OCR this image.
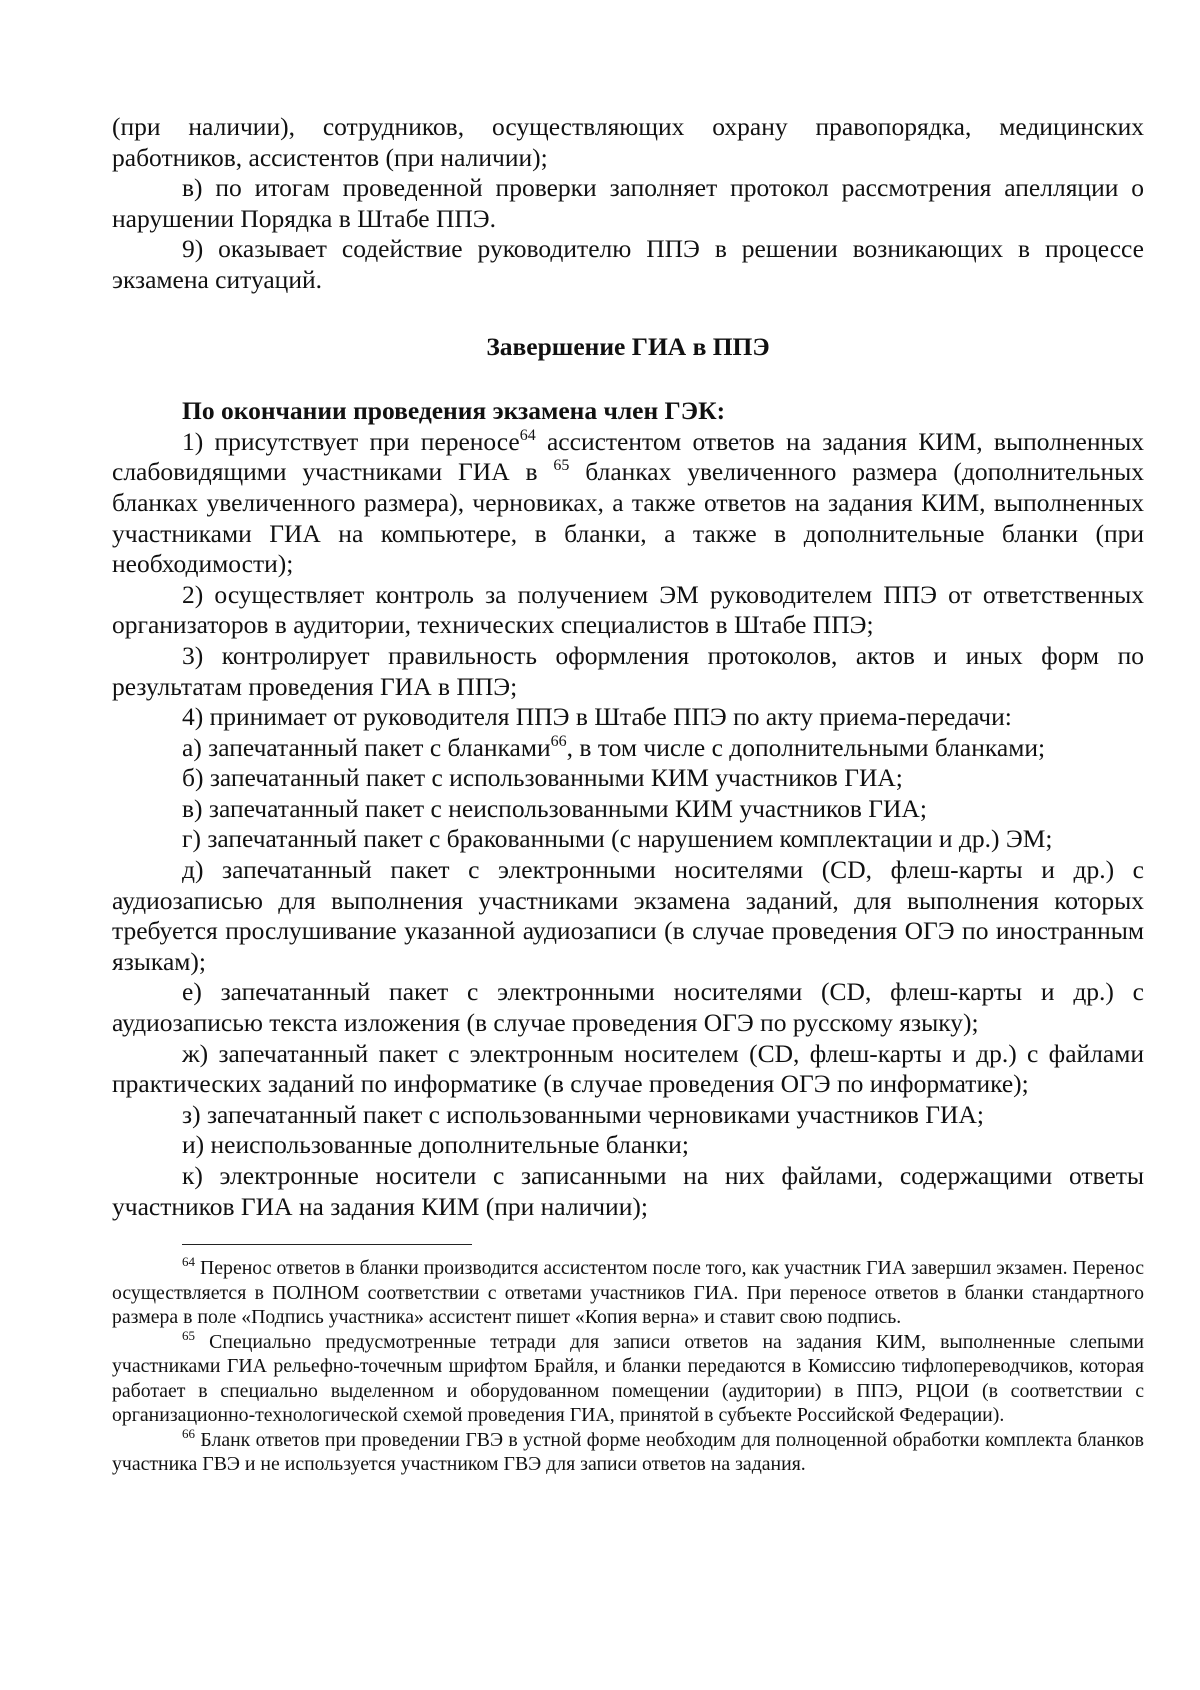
(при наличии), сотрудников, осуществляющих охрану правопорядка, медицинских работников, ассистентов (при наличии);

в) по итогам проведенной проверки заполняет протокол рассмотрения апелляции о нарушении Порядка в Штабе ППЭ.

9) оказывает содействие руководителю ППЭ в решении возникающих в процессе экзамена ситуаций.

Завершение ГИА в ППЭ

По окончании проведения экзамена член ГЭК:

1) присутствует при переносе$^{64}$ ассистентом ответов на задания КИМ, выполненных слабовидящими участниками ГИА в $^{65}$ бланках увеличенного размера (дополнительных бланках увеличенного размера), черновиках, а также ответов на задания КИМ, выполненных участниками ГИА на компьютере, в бланки, а также в дополнительные бланки (при необходимости);

2) осуществляет контроль за получением ЭМ руководителем ППЭ от ответственных организаторов в аудитории, технических специалистов в Штабе ППЭ;

3) контролирует правильность оформления протоколов, актов и иных форм по результатам проведения ГИА в ППЭ;

4) принимает от руководителя ППЭ в Штабе ППЭ по акту приема-передачи:

а) запечатанный пакет с бланками$^{66}$, в том числе с дополнительными бланками;

б) запечатанный пакет с использованными КИМ участников ГИА;

в) запечатанный пакет с неиспользованными КИМ участников ГИА;

г) запечатанный пакет с бракованными (с нарушением комплектации и др.) ЭМ;

д) запечатанный пакет с электронными носителями (CD, флеш-карты и др.) с аудиозаписью для выполнения участниками экзамена заданий, для выполнения которых требуется прослушивание указанной аудиозаписи (в случае проведения ОГЭ по иностранным языкам);

е) запечатанный пакет с электронными носителями (CD, флеш-карты и др.) с аудиозаписью текста изложения (в случае проведения ОГЭ по русскому языку);

ж) запечатанный пакет с электронным носителем (CD, флеш-карты и др.) с файлами практических заданий по информатике (в случае проведения ОГЭ по информатике);

з) запечатанный пакет с использованными черновиками участников ГИА;

и) неиспользованные дополнительные бланки;

к) электронные носители с записанными на них файлами, содержащими ответы участников ГИА на задания КИМ (при наличии);

$^{64}$ Перенос ответов в бланки производится ассистентом после того, как участник ГИА завершил экзамен. Перенос осуществляется в ПОЛНОМ соответствии с ответами участников ГИА. При переносе ответов в бланки стандартного размера в поле «Подпись участника» ассистент пишет «Копия верна» и ставит свою подпись.

$^{65}$ Специально предусмотренные тетради для записи ответов на задания КИМ, выполненные слепыми участниками ГИА рельефно-точечным шрифтом Брайля, и бланки передаются в Комиссию тифлопереводчиков, которая работает в специально выделенном и оборудованном помещении (аудитории) в ППЭ, РЦОИ (в соответствии с организационно-технологической схемой проведения ГИА, принятой в субъекте Российской Федерации).

$^{66}$ Бланк ответов при проведении ГВЭ в устной форме необходим для полноценной обработки комплекта бланков участника ГВЭ и не используется участником ГВЭ для записи ответов на задания.
